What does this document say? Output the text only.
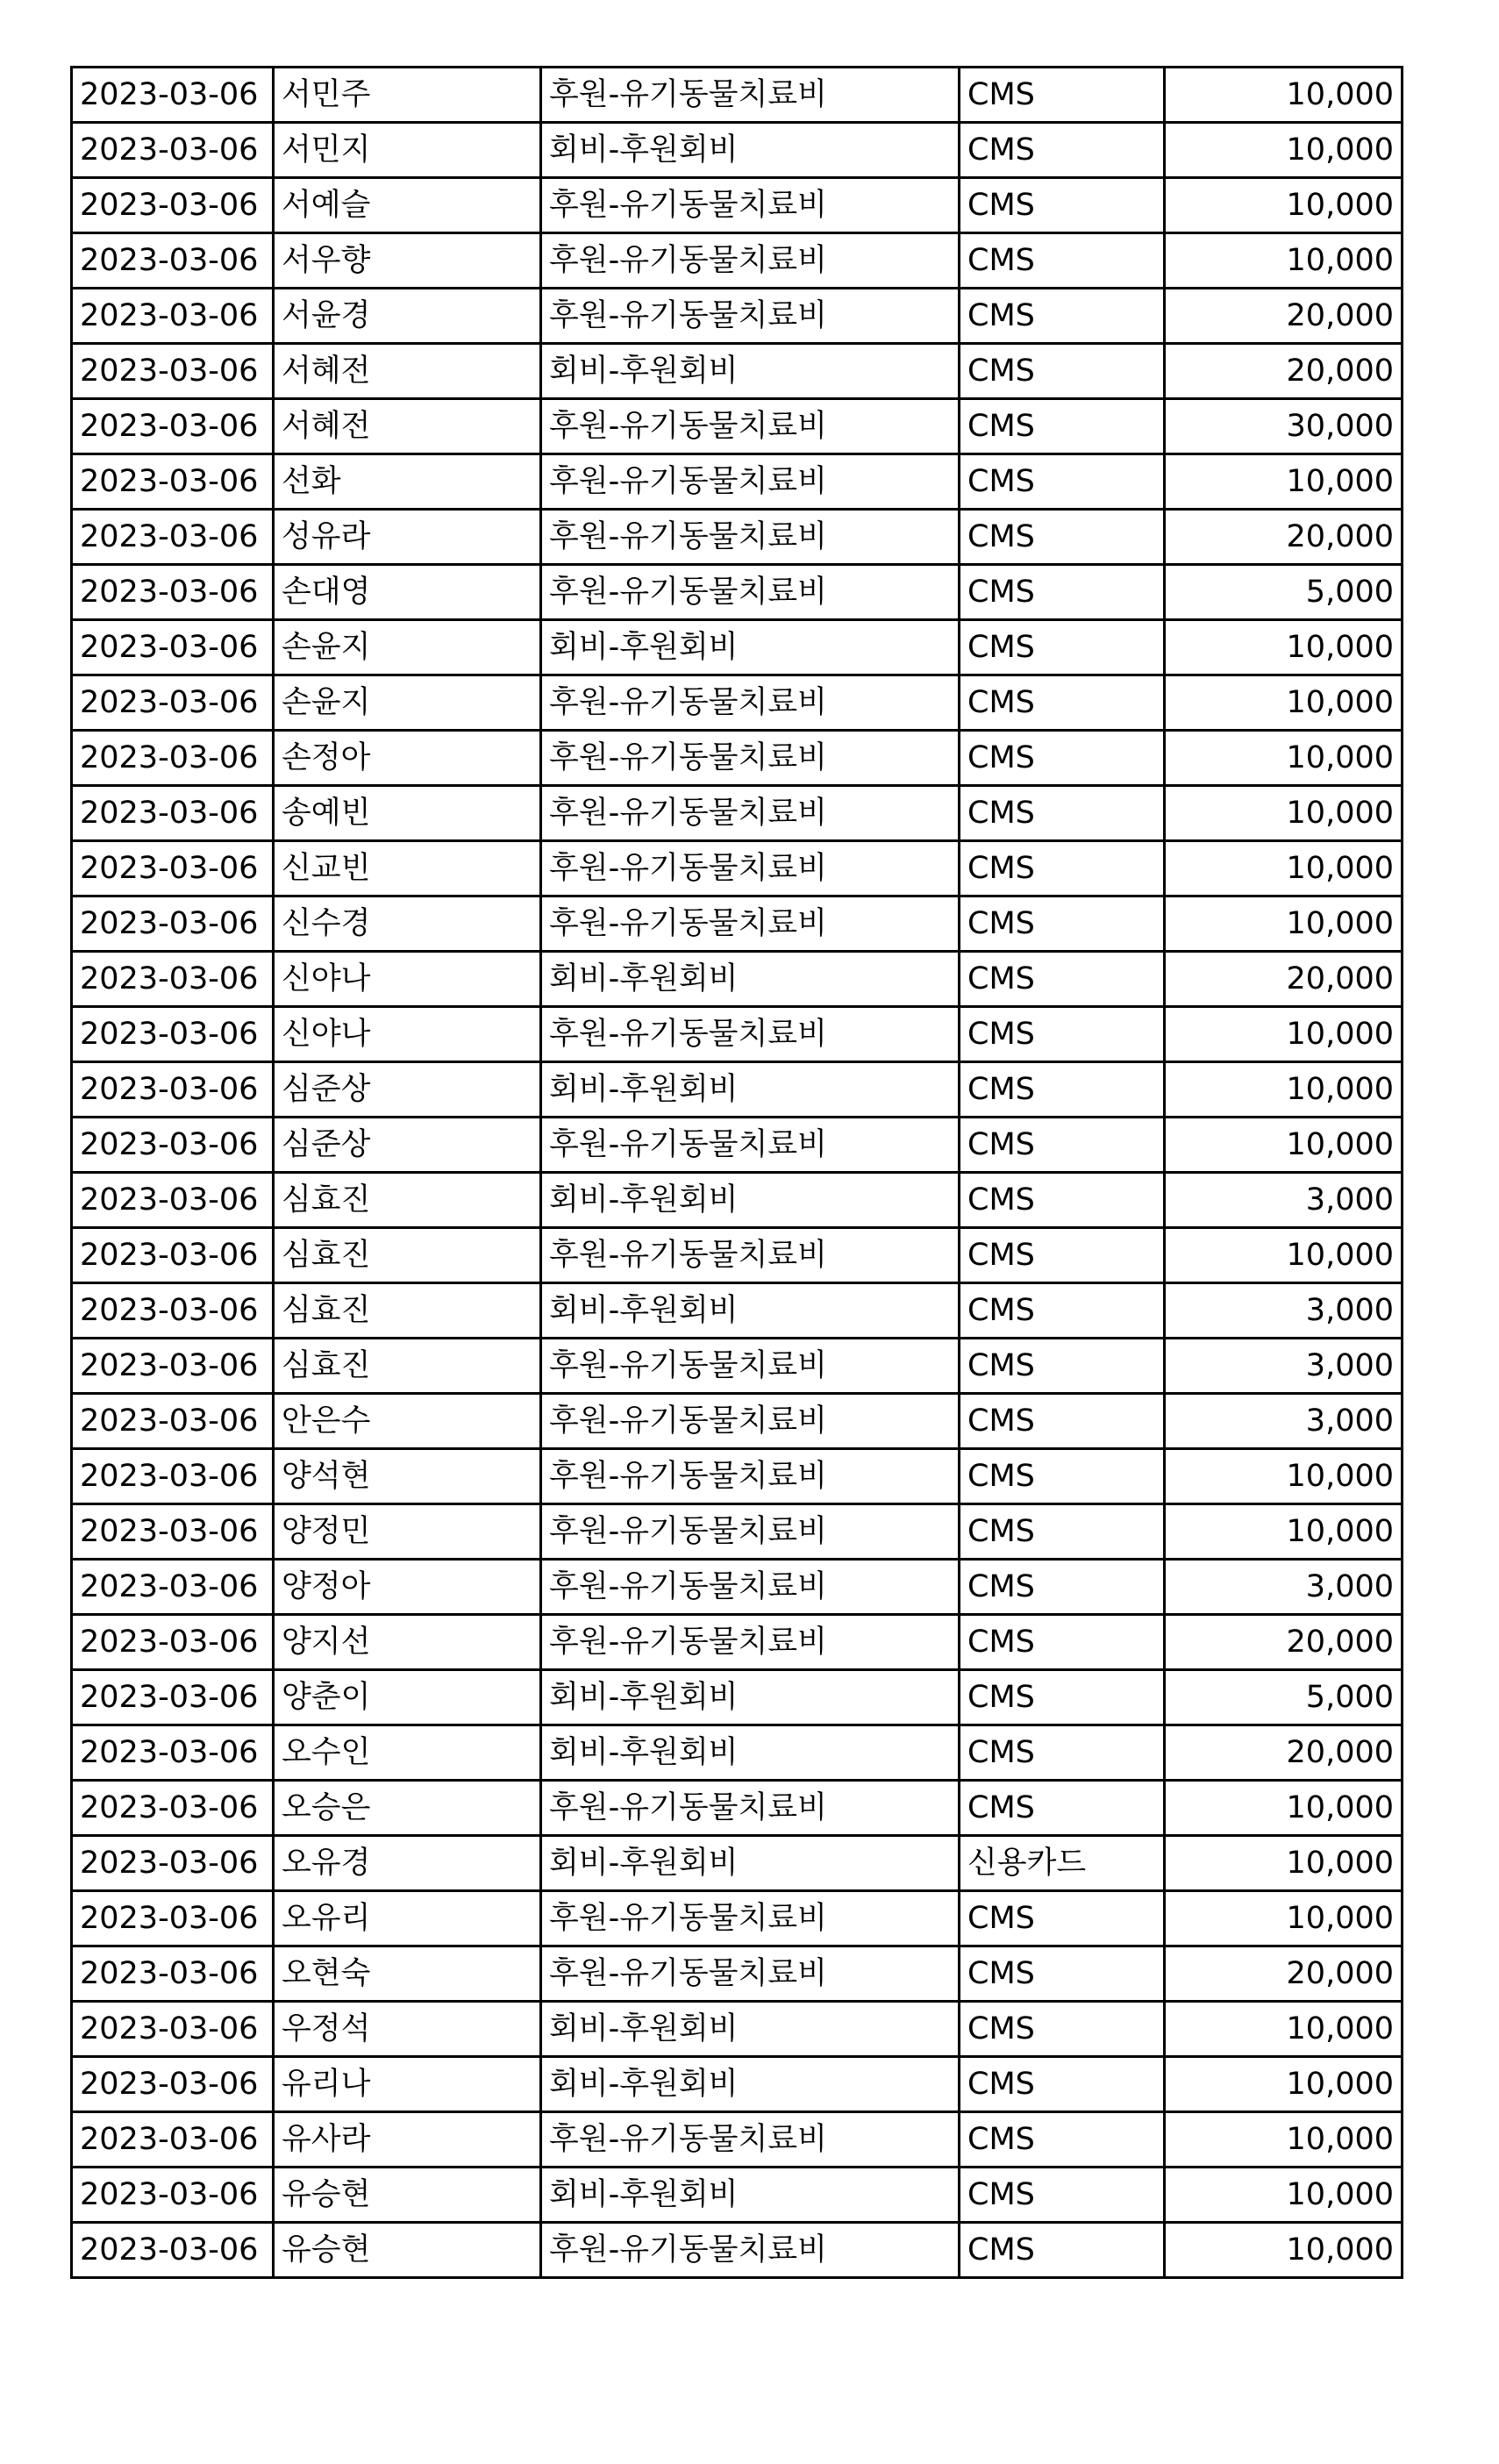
2023-03-06	서민주	후원-유기동물치료비	CMS	10,000
2023-03-06	서민지	회비-후원회비	CMS	10,000
2023-03-06	서예슬	후원-유기동물치료비	CMS	10,000
2023-03-06	서우향	후원-유기동물치료비	CMS	10,000
2023-03-06	서윤경	후원-유기동물치료비	CMS	20,000
2023-03-06	서혜전	회비-후원회비	CMS	20,000
2023-03-06	서혜전	후원-유기동물치료비	CMS	30,000
2023-03-06	선화	후원-유기동물치료비	CMS	10,000
2023-03-06	성유라	후원-유기동물치료비	CMS	20,000
2023-03-06	손대영	후원-유기동물치료비	CMS	5,000
2023-03-06	손윤지	회비-후원회비	CMS	10,000
2023-03-06	손윤지	후원-유기동물치료비	CMS	10,000
2023-03-06	손정아	후원-유기동물치료비	CMS	10,000
2023-03-06	송예빈	후원-유기동물치료비	CMS	10,000
2023-03-06	신교빈	후원-유기동물치료비	CMS	10,000
2023-03-06	신수경	후원-유기동물치료비	CMS	10,000
2023-03-06	신야나	회비-후원회비	CMS	20,000
2023-03-06	신야나	후원-유기동물치료비	CMS	10,000
2023-03-06	심준상	회비-후원회비	CMS	10,000
2023-03-06	심준상	후원-유기동물치료비	CMS	10,000
2023-03-06	심효진	회비-후원회비	CMS	3,000
2023-03-06	심효진	후원-유기동물치료비	CMS	10,000
2023-03-06	심효진	회비-후원회비	CMS	3,000
2023-03-06	심효진	후원-유기동물치료비	CMS	3,000
2023-03-06	안은수	후원-유기동물치료비	CMS	3,000
2023-03-06	양석현	후원-유기동물치료비	CMS	10,000
2023-03-06	양정민	후원-유기동물치료비	CMS	10,000
2023-03-06	양정아	후원-유기동물치료비	CMS	3,000
2023-03-06	양지선	후원-유기동물치료비	CMS	20,000
2023-03-06	양춘이	회비-후원회비	CMS	5,000
2023-03-06	오수인	회비-후원회비	CMS	20,000
2023-03-06	오승은	후원-유기동물치료비	CMS	10,000
2023-03-06	오유경	회비-후원회비	신용카드	10,000
2023-03-06	오유리	후원-유기동물치료비	CMS	10,000
2023-03-06	오현숙	후원-유기동물치료비	CMS	20,000
2023-03-06	우정석	회비-후원회비	CMS	10,000
2023-03-06	유리나	회비-후원회비	CMS	10,000
2023-03-06	유사라	후원-유기동물치료비	CMS	10,000
2023-03-06	유승현	회비-후원회비	CMS	10,000
2023-03-06	유승현	후원-유기동물치료비	CMS	10,000
